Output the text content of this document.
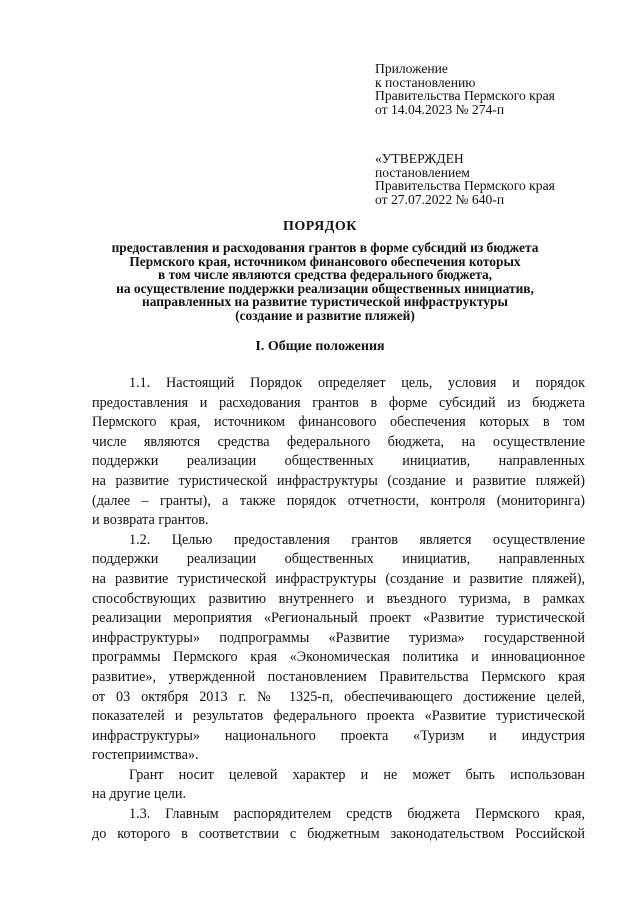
Приложение
к постановлению
Правительства Пермского края
от 14.04.2023 № 274-п
«УТВЕРЖДЕН
постановлением
Правительства Пермского края
от 27.07.2022 № 640-п
ПОРЯДОК
предоставления и расходования грантов в форме субсидий из бюджета
Пермского края, источником финансового обеспечения которых
в том числе являются средства федерального бюджета,
на осуществление поддержки реализации общественных инициатив,
направленных на развитие туристической инфраструктуры
(создание и развитие пляжей)
I. Общие положения
1.1. Настоящий Порядок определяет цель, условия и порядок
предоставления и расходования грантов в форме субсидий из бюджета
Пермского края, источником финансового обеспечения которых в том
числе являются средства федерального бюджета, на осуществление
поддержки реализации общественных инициатив, направленных
на развитие туристической инфраструктуры (создание и развитие пляжей)
(далее – гранты), а также порядок отчетности, контроля (мониторинга)
и возврата грантов.
1.2. Целью предоставления грантов является осуществление
поддержки реализации общественных инициатив, направленных
на развитие туристической инфраструктуры (создание и развитие пляжей),
способствующих развитию внутреннего и въездного туризма, в рамках
реализации мероприятия «Региональный проект «Развитие туристической
инфраструктуры» подпрограммы «Развитие туризма» государственной
программы Пермского края «Экономическая политика и инновационное
развитие», утвержденной постановлением Правительства Пермского края
от 03 октября 2013 г. № 1325-п, обеспечивающего достижение целей,
показателей и результатов федерального проекта «Развитие туристической
инфраструктуры» национального проекта «Туризм и индустрия
гостеприимства».
Грант носит целевой характер и не может быть использован
на другие цели.
1.3. Главным распорядителем средств бюджета Пермского края,
до которого в соответствии с бюджетным законодательством Российской
